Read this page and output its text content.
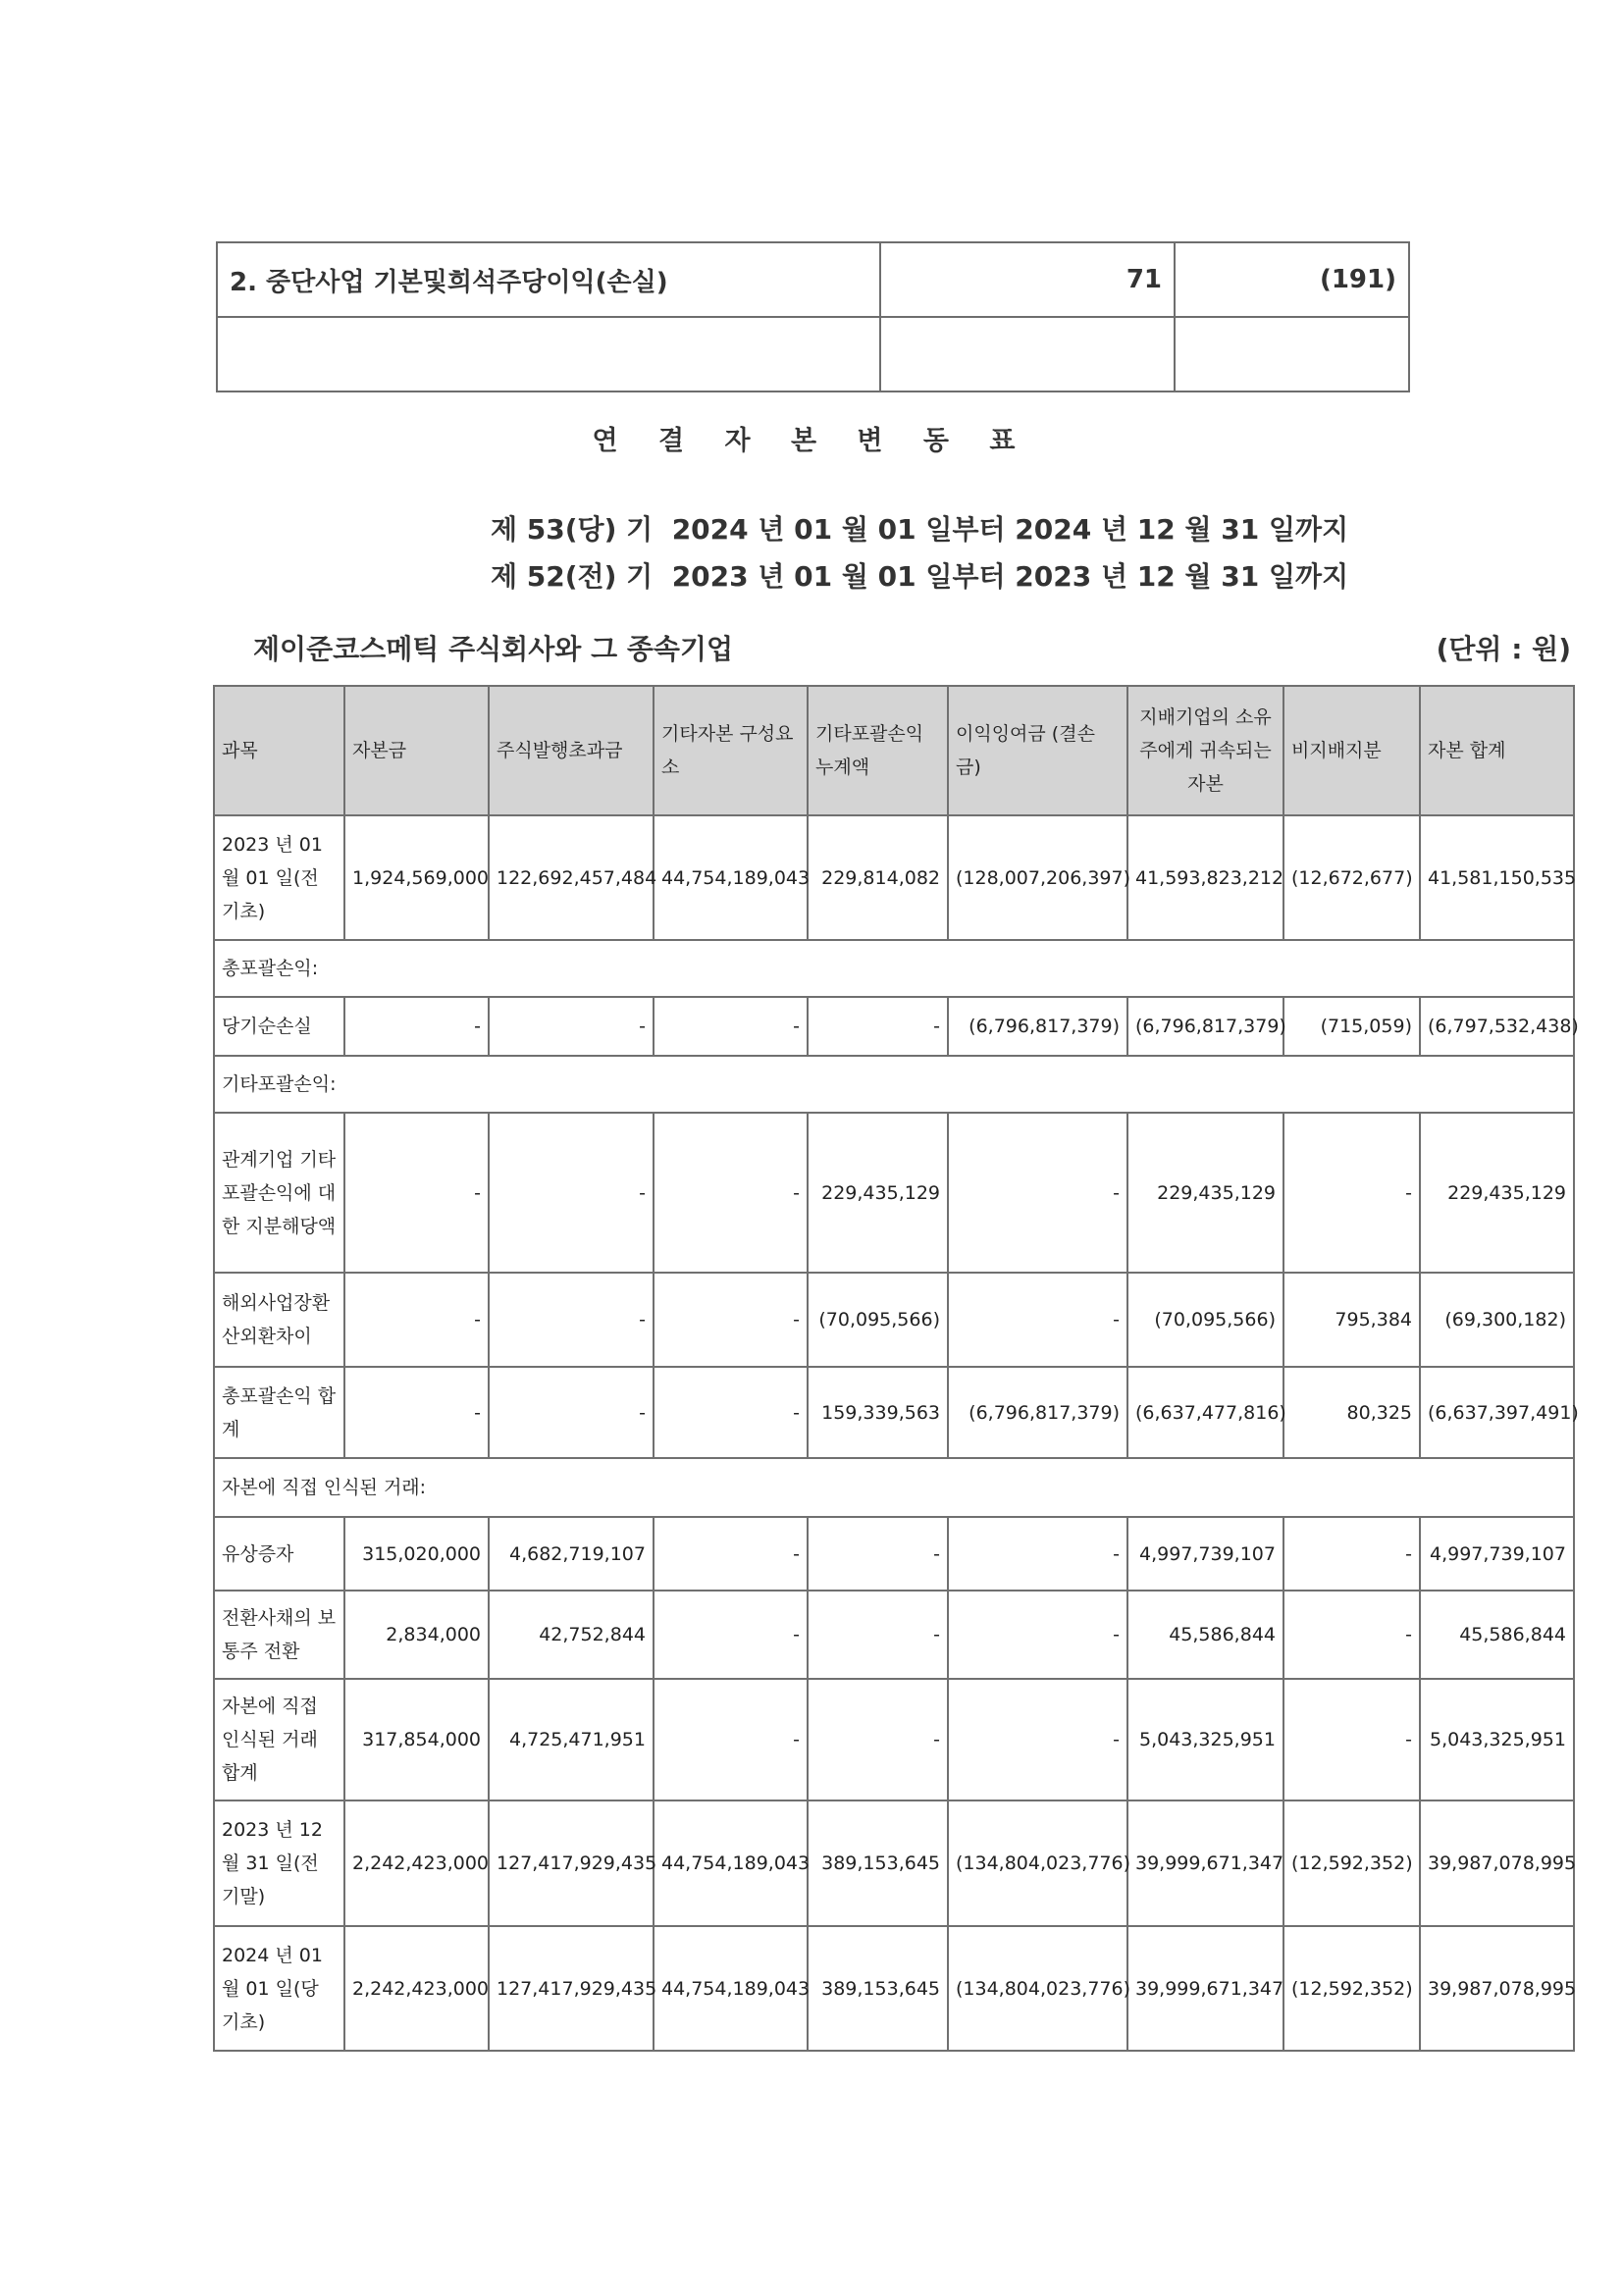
2. 중단사업 기본및희석주당이익(손실)	71	(191)

연 결 자 본 변 동 표
제 53(당) 기  2024 년 01 월 01 일부터 2024 년 12 월 31 일까지
제 52(전) 기  2023 년 01 월 01 일부터 2023 년 12 월 31 일까지
제이준코스메틱 주식회사와 그 종속기업	(단위 : 원)
과목	자본금	주식발행초과금	기타자본 구성요소	기타포괄손익 누계액	이익잉여금 (결손금)	지배기업의 소유주에게 귀속되는 자본	비지배지분	자본 합계
2023 년 01 월 01 일(전기초)	1,924,569,000	122,692,457,484	44,754,189,043	229,814,082	(128,007,206,397)	41,593,823,212	(12,672,677)	41,581,150,535
총포괄손익:								
당기순손실	-	-	-	-	(6,796,817,379)	(6,796,817,379)	(715,059)	(6,797,532,438)
기타포괄손익:								
관계기업 기타포괄손익에 대한 지분해당액	-	-	-	229,435,129	-	229,435,129	-	229,435,129
해외사업장환산외환차이	-	-	-	(70,095,566)	-	(70,095,566)	795,384	(69,300,182)
총포괄손익 합계	-	-	-	159,339,563	(6,796,817,379)	(6,637,477,816)	80,325	(6,637,397,491)
자본에 직접 인식된 거래:								
유상증자	315,020,000	4,682,719,107	-	-	-	4,997,739,107	-	4,997,739,107
전환사채의 보통주 전환	2,834,000	42,752,844	-	-	-	45,586,844	-	45,586,844
자본에 직접 인식된 거래 합계	317,854,000	4,725,471,951	-	-	-	5,043,325,951	-	5,043,325,951
2023 년 12 월 31 일(전기말)	2,242,423,000	127,417,929,435	44,754,189,043	389,153,645	(134,804,023,776)	39,999,671,347	(12,592,352)	39,987,078,995
2024 년 01 월 01 일(당기초)	2,242,423,000	127,417,929,435	44,754,189,043	389,153,645	(134,804,023,776)	39,999,671,347	(12,592,352)	39,987,078,995
